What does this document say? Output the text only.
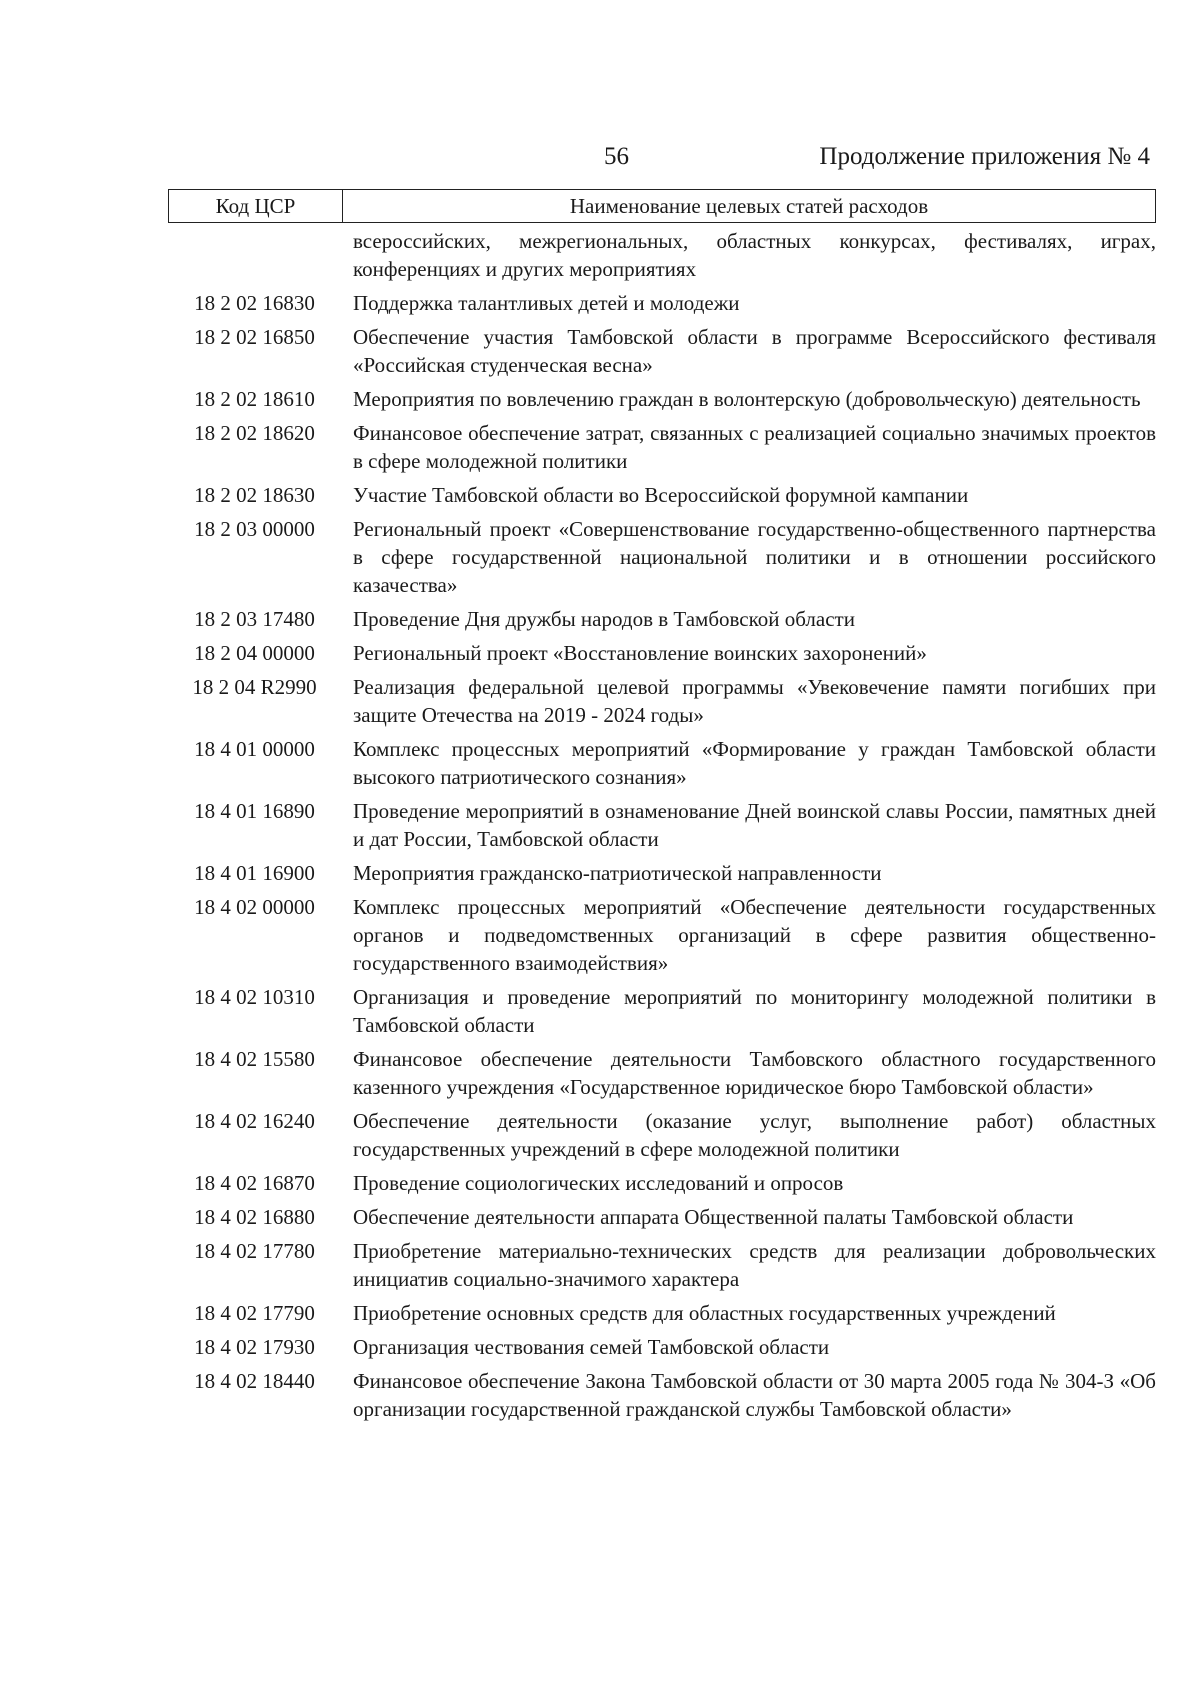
56	Продолжение приложения № 4
Код ЦСР	Наименование целевых статей расходов
всероссийских, межрегиональных, областных конкурсах, фестивалях, играх, конференциях и других мероприятиях
18 2 02 16830	Поддержка талантливых детей и молодежи
18 2 02 16850	Обеспечение участия Тамбовской области в программе Всероссийского фестиваля «Российская студенческая весна»
18 2 02 18610	Мероприятия по вовлечению граждан в волонтерскую (добровольческую) деятельность
18 2 02 18620	Финансовое обеспечение затрат, связанных с реализацией социально значимых проектов в сфере молодежной политики
18 2 02 18630	Участие Тамбовской области во Всероссийской форумной кампании
18 2 03 00000	Региональный проект «Совершенствование государственно-общественного партнерства в сфере государственной национальной политики и в отношении российского казачества»
18 2 03 17480	Проведение Дня дружбы народов в Тамбовской области
18 2 04 00000	Региональный проект «Восстановление воинских захоронений»
18 2 04 R2990	Реализация федеральной целевой программы «Увековечение памяти погибших при защите Отечества на 2019 - 2024 годы»
18 4 01 00000	Комплекс процессных мероприятий «Формирование у граждан Тамбовской области высокого патриотического сознания»
18 4 01 16890	Проведение мероприятий в ознаменование Дней воинской славы России, памятных дней и дат России, Тамбовской области
18 4 01 16900	Мероприятия гражданско-патриотической направленности
18 4 02 00000	Комплекс процессных мероприятий «Обеспечение деятельности государственных органов и подведомственных организаций в сфере развития общественно-государственного взаимодействия»
18 4 02 10310	Организация и проведение мероприятий по мониторингу молодежной политики в Тамбовской области
18 4 02 15580	Финансовое обеспечение деятельности Тамбовского областного государственного казенного учреждения «Государственное юридическое бюро Тамбовской области»
18 4 02 16240	Обеспечение деятельности (оказание услуг, выполнение работ) областных государственных учреждений в сфере молодежной политики
18 4 02 16870	Проведение социологических исследований и опросов
18 4 02 16880	Обеспечение деятельности аппарата Общественной палаты Тамбовской области
18 4 02 17780	Приобретение материально-технических средств для реализации добровольческих инициатив социально-значимого характера
18 4 02 17790	Приобретение основных средств для областных государственных учреждений
18 4 02 17930	Организация чествования семей Тамбовской области
18 4 02 18440	Финансовое обеспечение Закона Тамбовской области от 30 марта 2005 года № 304-З «Об организации государственной гражданской службы Тамбовской области»
